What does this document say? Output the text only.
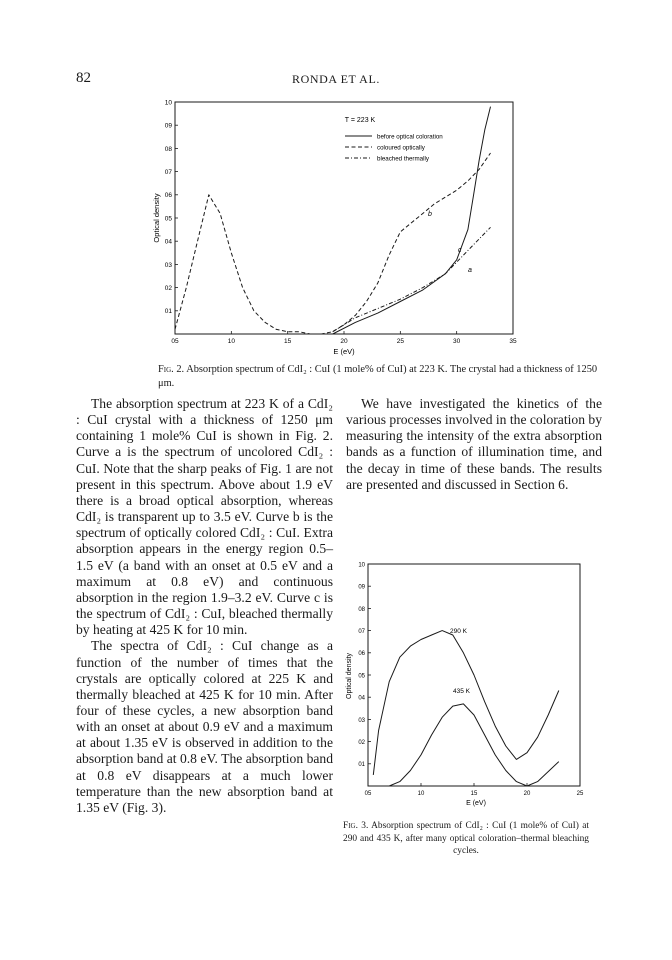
82	RONDA ET AL.
01
02
03
04
05
06
07
08
09
10
05	10	15	20	25	30	35
Optical density
E (eV)
T = 223 K
before optical coloration
coloured optically
bleached thermally
b
c
a
Fig. 2. Absorption spectrum of CdI₂ : CuI (1 mole% of CuI) at 223 K. The crystal had a thickness of 1250 μm.

The absorption spectrum at 223 K of a CdI₂ : CuI crystal with a thickness of 1250 μm containing 1 mole% CuI is shown in Fig. 2. Curve a is the spectrum of uncolored CdI₂ : CuI. Note that the sharp peaks of Fig. 1 are not present in this spectrum. Above about 1.9 eV there is a broad optical absorption, whereas CdI₂ is transparent up to 3.5 eV. Curve b is the spectrum of optically colored CdI₂ : CuI. Extra absorption appears in the energy region 0.5–1.5 eV (a band with an onset at 0.5 eV and a maximum at 0.8 eV) and continuous absorption in the region 1.9–3.2 eV. Curve c is the spectrum of CdI₂ : CuI, bleached thermally by heating at 425 K for 10 min.

The spectra of CdI₂ : CuI change as a function of the number of times that the crystals are optically colored at 225 K and thermally bleached at 425 K for 10 min. After four of these cycles, a new absorption band with an onset at about 0.9 eV and a maximum at about 1.35 eV is observed in addition to the absorption band at 0.8 eV. The absorption band at 0.8 eV disappears at a much lower temperature than the new absorption band at 1.35 eV (Fig. 3).

We have investigated the kinetics of the various processes involved in the coloration by measuring the intensity of the extra absorption bands as a function of illumination time, and the decay in time of these bands. The results are presented and discussed in Section 6.

01
02
03
04
05
06
07
08
09
10
05	10	15	20	25
Optical density
E (eV)
290 K
435 K
Fig. 3. Absorption spectrum of CdI₂ : CuI (1 mole% of CuI) at 290 and 435 K, after many optical coloration–thermal bleaching cycles.
